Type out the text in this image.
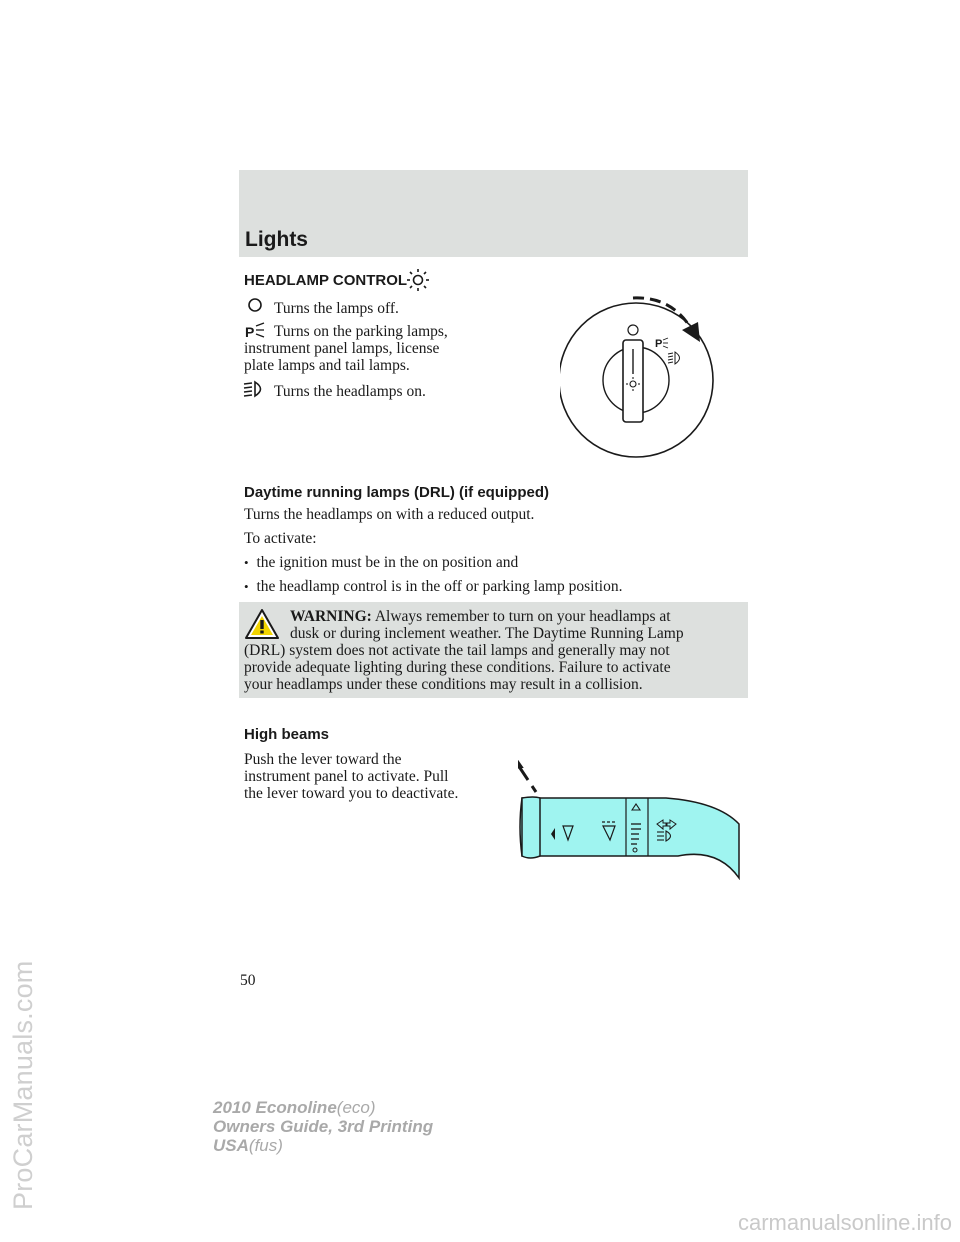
ProCarManuals.com
carmanualsonline.info
Lights
HEADLAMP CONTROL
Turns the lamps off.
P Turns on the parking lamps,
instrument panel lamps, license
plate lamps and tail lamps.
Turns the headlamps on.
P
Daytime running lamps (DRL) (if equipped)
Turns the headlamps on with a reduced output.
To activate:
• the ignition must be in the on position and
• the headlamp control is in the off or parking lamp position.
WARNING: Always remember to turn on your headlamps at
dusk or during inclement weather. The Daytime Running Lamp
(DRL) system does not activate the tail lamps and generally may not
provide adequate lighting during these conditions. Failure to activate
your headlamps under these conditions may result in a collision.
High beams
Push the lever toward the
instrument panel to activate. Pull
the lever toward you to deactivate.
50
2010 Econoline(eco)
Owners Guide, 3rd Printing
USA(fus)
